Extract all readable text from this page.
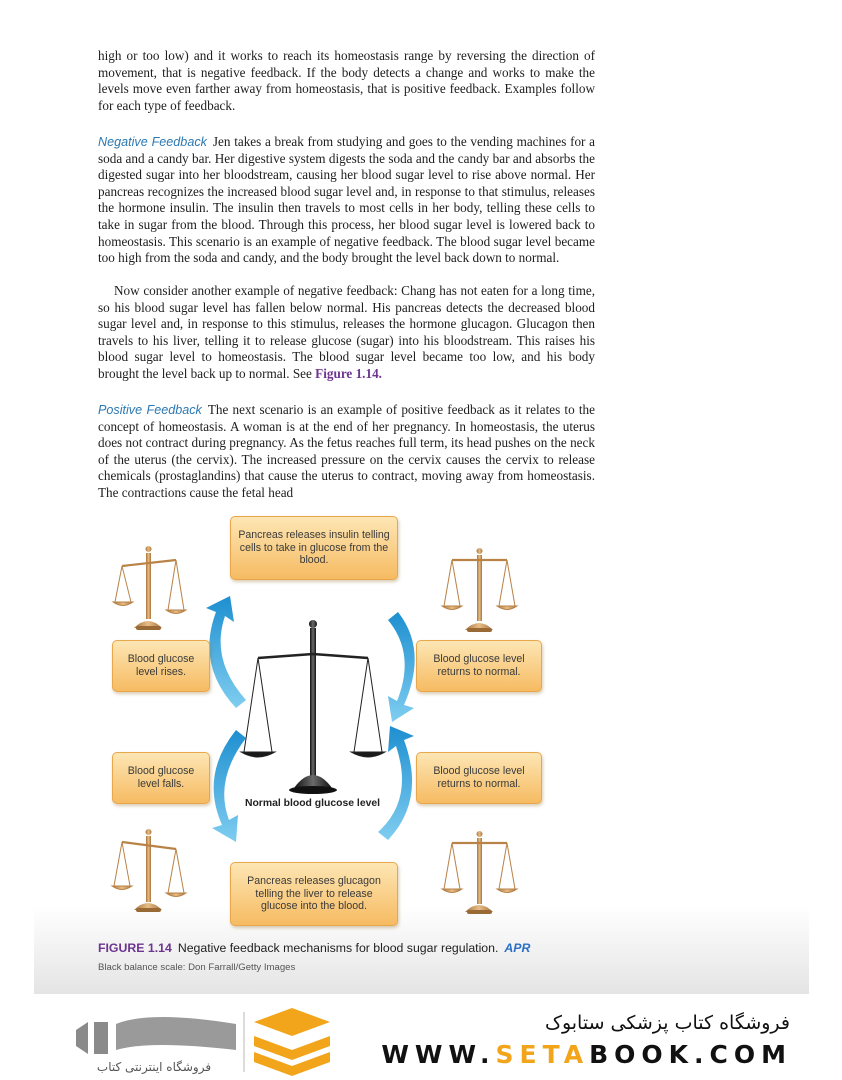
high or too low) and it works to reach its homeostasis range by reversing the direction of movement, that is negative feedback. If the body detects a change and works to make the levels move even farther away from homeostasis, that is positive feedback. Examples follow for each type of feedback.

Negative Feedback Jen takes a break from studying and goes to the vending machines for a soda and a candy bar. Her digestive system digests the soda and the candy bar and absorbs the digested sugar into her bloodstream, causing her blood sugar level to rise above normal. Her pancreas recognizes the increased blood sugar level and, in response to that stimulus, releases the hormone insulin. The insulin then travels to most cells in her body, telling these cells to take in sugar from the blood. Through this process, her blood sugar level is lowered back to homeostasis. This scenario is an example of negative feedback. The blood sugar level became too high from the soda and candy, and the body brought the level back down to normal.

Now consider another example of negative feedback: Chang has not eaten for a long time, so his blood sugar level has fallen below normal. His pancreas detects the decreased blood sugar level and, in response to this stimulus, releases the hormone glucagon. Glucagon then travels to his liver, telling it to release glucose (sugar) into his bloodstream. This raises his blood sugar level to homeostasis. The blood sugar level became too low, and his body brought the level back up to normal. See Figure 1.14.

Positive Feedback The next scenario is an example of positive feedback as it relates to the concept of homeostasis. A woman is at the end of her pregnancy. In homeostasis, the uterus does not contract during pregnancy. As the fetus reaches full term, its head pushes on the neck of the uterus (the cervix). The increased pressure on the cervix causes the cervix to release chemicals (prostaglandins) that cause the uterus to contract, moving away from homeostasis. The contractions cause the fetal head

Pancreas releases insulin telling cells to take in glucose from the blood.
Blood glucose level rises.
Blood glucose level returns to normal.
Blood glucose level falls.
Blood glucose level returns to normal.
Pancreas releases glucagon telling the liver to release glucose into the blood.
Normal blood glucose level
FIGURE 1.14 Negative feedback mechanisms for blood sugar regulation. APR
Black balance scale: Don Farrall/Getty Images
فروشگاه اینترنتی کتاب
فروشگاه کتاب پزشکی ستابوک
WWW.SETABOOK.COM
